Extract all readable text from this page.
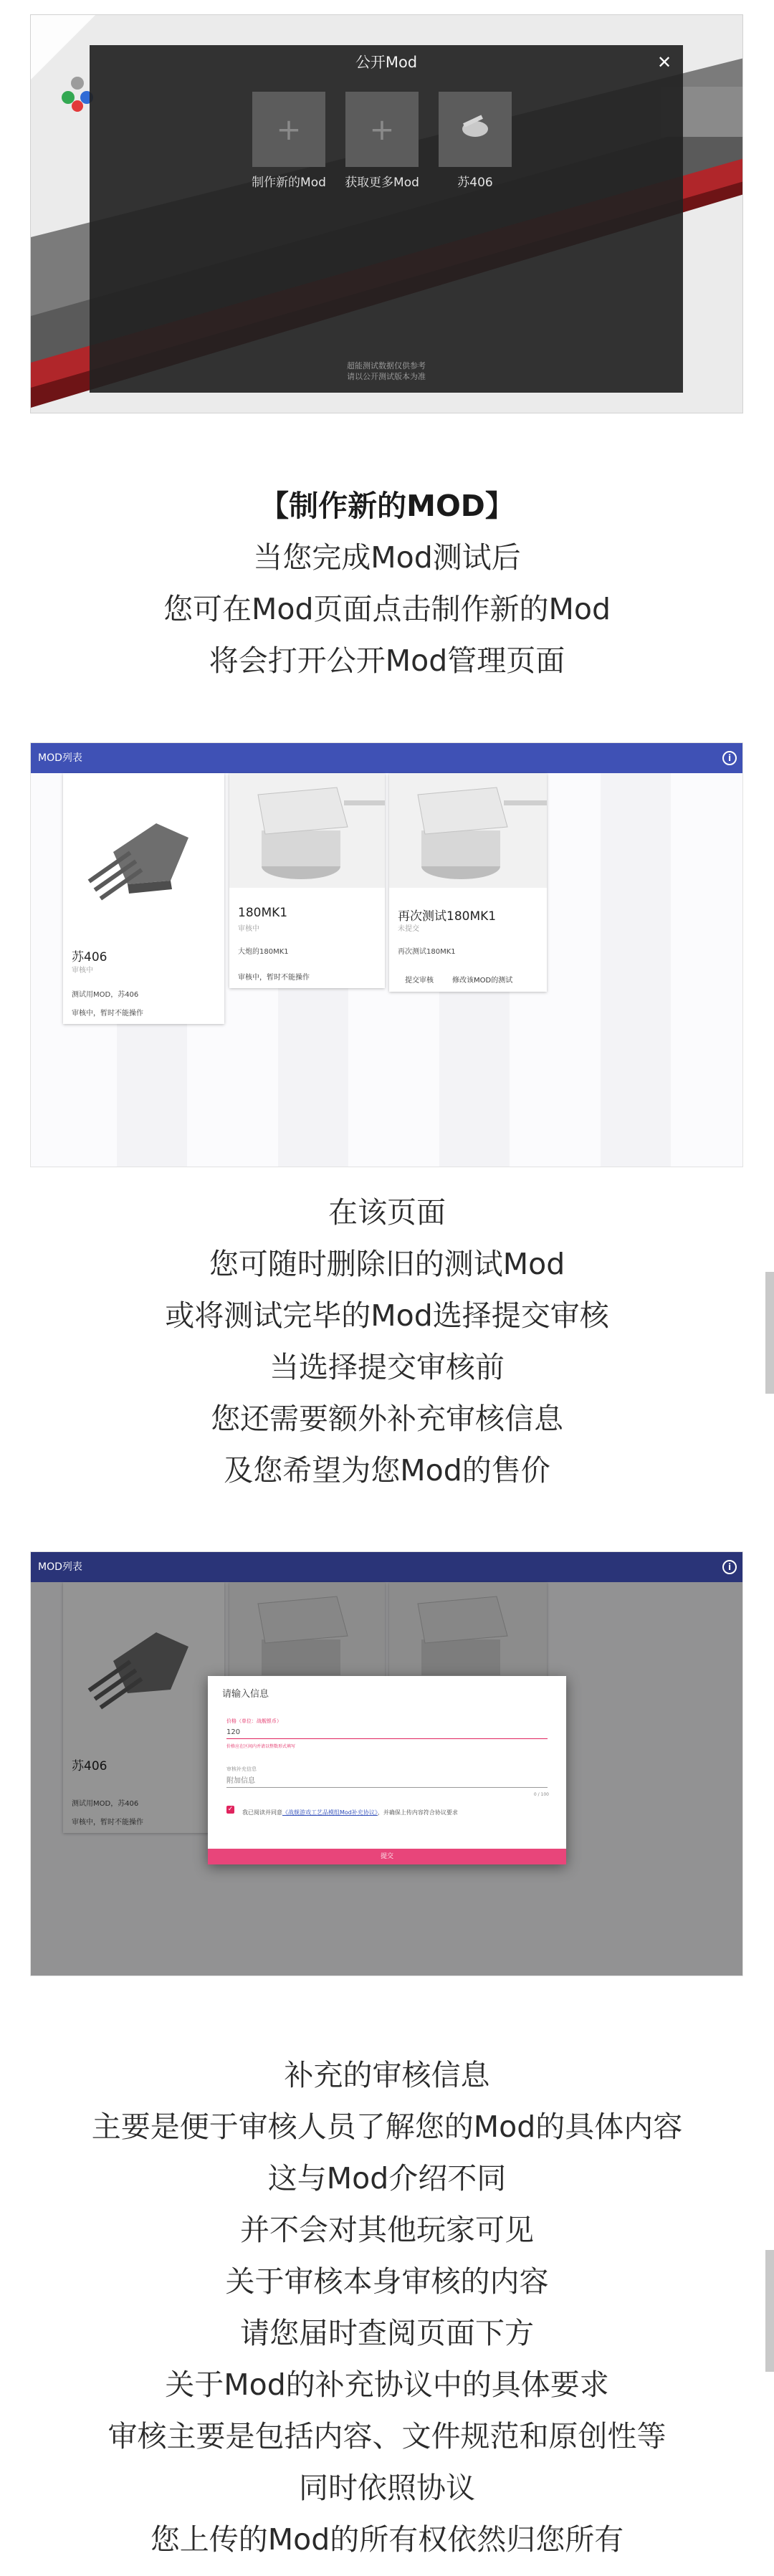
公开Mod	✕
+
制作新的Mod
+
获取更多Mod	苏406
超能测试数据仅供参考
请以公开测试版本为准
【制作新的MOD】
当您完成Mod测试后
您可在Mod页面点击制作新的Mod
将会打开公开Mod管理页面
MOD列表	i
苏406
审核中
测试用MOD，苏406
审核中，暂时不能操作
180MK1
审核中
大炮的180MK1
审核中，暂时不能操作
再次测试180MK1
未提交
再次测试180MK1
提交审核	修改该MOD的测试
在该页面
您可随时删除旧的测试Mod
或将测试完毕的Mod选择提交审核
当选择提交审核前
您还需要额外补充审核信息
及您希望为您Mod的售价
MOD列表	i
苏406
测试用MOD，苏406
审核中，暂时不能操作
请输入信息
价格（单位：战舰银币）
120
价格应在区间内并请以整数形式填写
审核补充信息
附加信息
0 / 100
✓ 我已阅读并同意《战舰游戏工艺品模组Mod补充协议》，并确保上传内容符合协议要求
提交
补充的审核信息
主要是便于审核人员了解您的Mod的具体内容
这与Mod介绍不同
并不会对其他玩家可见
关于审核本身审核的内容
请您届时查阅页面下方
关于Mod的补充协议中的具体要求
审核主要是包括内容、文件规范和原创性等
同时依照协议
您上传的Mod的所有权依然归您所有
